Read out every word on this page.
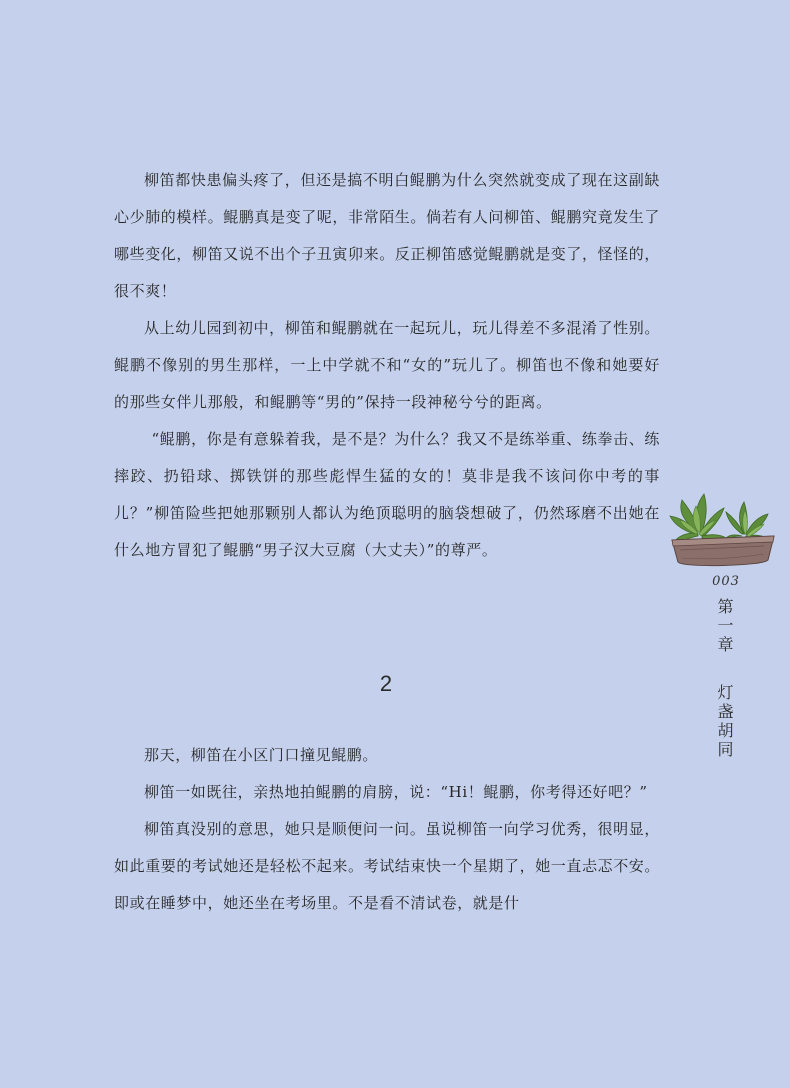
柳笛都快患偏头疼了，但还是搞不明白鲲鹏为什么突然就变成了现在这副缺心少肺的模样。鲲鹏真是变了呢，非常陌生。倘若有人问柳笛、鲲鹏究竟发生了哪些变化，柳笛又说不出个子丑寅卯来。反正柳笛感觉鲲鹏就是变了，怪怪的，很不爽！

从上幼儿园到初中，柳笛和鲲鹏就在一起玩儿，玩儿得差不多混淆了性别。鲲鹏不像别的男生那样，一上中学就不和“女的”玩儿了。柳笛也不像和她要好的那些女伴儿那般，和鲲鹏等“男的”保持一段神秘兮兮的距离。

“鲲鹏，你是有意躲着我，是不是？为什么？我又不是练举重、练拳击、练摔跤、扔铅球、掷铁饼的那些彪悍生猛的女的！莫非是我不该问你中考的事儿？”柳笛险些把她那颗别人都认为绝顶聪明的脑袋想破了，仍然琢磨不出她在什么地方冒犯了鲲鹏“男子汉大豆腐（大丈夫）”的尊严。

2

那天，柳笛在小区门口撞见鲲鹏。

柳笛一如既往，亲热地拍鲲鹏的肩膀，说：“Hi！鲲鹏，你考得还好吧？”

柳笛真没别的意思，她只是顺便问一问。虽说柳笛一向学习优秀，很明显，如此重要的考试她还是轻松不起来。考试结束快一个星期了，她一直忐忑不安。即或在睡梦中，她还坐在考场里。不是看不清试卷，就是什

003
第一章
灯盏胡同
